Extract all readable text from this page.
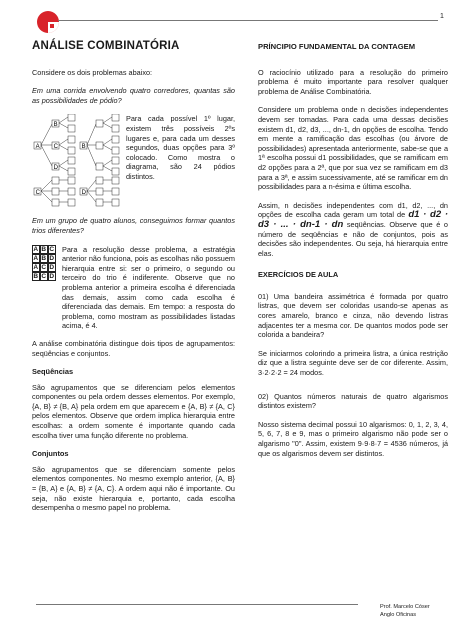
1
ANÁLISE COMBINATÓRIA

Considere os dois problemas abaixo:

Em uma corrida envolvendo quatro corredores, quantas são as possibilidades de pódio?

A
B
C
D
C
B
D
Para cada possível 1º lugar, existem três possíveis 2ºs lugares e, para cada um desses segundos, duas opções para 3º colocado. Como mostra o diagrama, são 24 pódios distintos.

Em um grupo de quatro alunos, conseguimos formar quantos trios diferentes?

A B C
A B D
A C D
B C D
Para a resolução desse problema, a estratégia anterior não funciona, pois as escolhas não possuem hierarquia entre si: ser o primeiro, o segundo ou terceiro do trio é indiferente. Observe que no problema anterior a primeira escolha é diferenciada das demais, assim como cada escolha é diferenciada das demais. Em tempo: a resposta do problema, como mostram as possibilidades listadas acima, é 4.

A análise combinatória distingue dois tipos de agrupamentos: seqüências e conjuntos.

Seqüências

São agrupamentos que se diferenciam pelos elementos componentes ou pela ordem desses elementos. Por exemplo, {A, B} ≠ {B, A} pela ordem em que aparecem e {A, B} ≠ {A, C} pelos elementos. Observe que ordem implica hierarquia entre escolhas: a ordem somente é importante quando cada escolha tiver uma função diferente no problema.

Conjuntos

São agrupamentos que se diferenciam somente pelos elementos componentes. No mesmo exemplo anterior, {A, B} = {B, A} e {A, B} ≠ {A, C}. A ordem aqui não é importante. Ou seja, não existe hierarquia e, portanto, cada escolha desempenha o mesmo papel no problema.

PRÍNCIPIO FUNDAMENTAL DA CONTAGEM

O raciocínio utilizado para a resolução do primeiro problema é muito importante para resolver qualquer problema de Análise Combinatória.

Considere um problema onde n decisões independentes devem ser tomadas. Para cada uma dessas decisões existem d1, d2, d3, ..., dn-1, dn opções de escolha. Tendo em mente a ramificação das escolhas (ou árvore de possibilidades) apresentada anteriormente, sabe-se que a 1ª escolha possui d1 possibilidades, que se ramificam em d2 opções para a 2ª, que por sua vez se ramificam em d3 para a 3ª, e assim sucessivamente, até se ramificar em dn possibilidades para a n-ésima e última escolha.

Assim, n decisões independentes com d1, d2, ..., dn opções de escolha cada geram um total de d1 · d2 · d3 · ... · dn-1 · dn seqüências. Observe que é o número de seqüências e não de conjuntos, pois as decisões são independentes. Ou seja, há hierarquia entre elas.

EXERCÍCIOS DE AULA

01) Uma bandeira assimétrica é formada por quatro listras, que devem ser coloridas usando-se apenas as cores amarelo, branco e cinza, não devendo listras adjacentes ter a mesma cor. De quantos modos pode ser colorida a bandeira?

Se iniciarmos colorindo a primeira listra, a única restrição diz que a listra seguinte deve ser de cor diferente. Assim, 3·2·2·2 = 24 modos.

02) Quantos números naturais de quatro algarismos distintos existem?

Nosso sistema decimal possui 10 algarismos: 0, 1, 2, 3, 4, 5, 6, 7, 8 e 9, mas o primeiro algarismo não pode ser o algarismo "0". Assim, existem 9·9·8·7 = 4536 números, já que os algarismos devem ser distintos.

Prof. Marcelo Cóser
Anglo Oficinas
